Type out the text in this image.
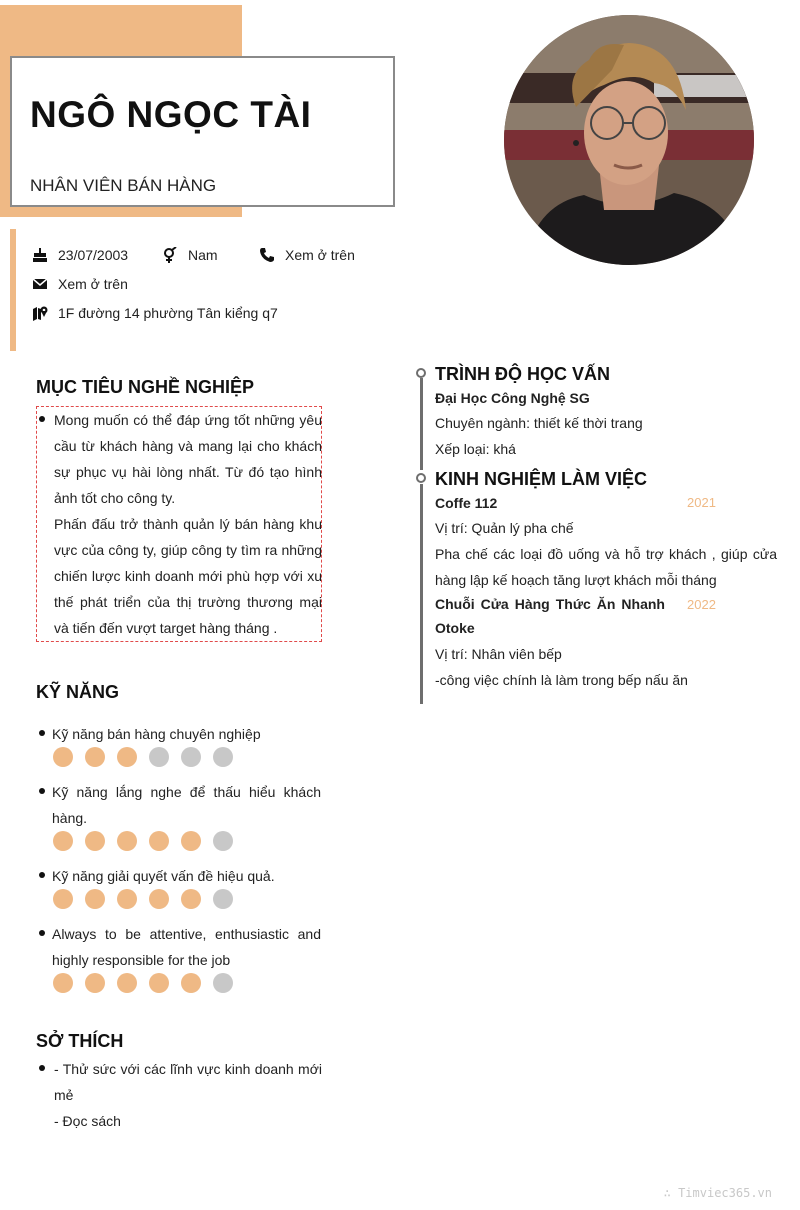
NGÔ NGỌC TÀI
NHÂN VIÊN BÁN HÀNG
23/07/2003	Nam	Xem ở trên
Xem ở trên
1F đường 14 phường Tân kiểng q7
MỤC TIÊU NGHỀ NGHIỆP
Mong muốn có thể đáp ứng tốt những yêu cầu từ khách hàng và mang lại cho khách sự phục vụ hài lòng nhất. Từ đó tạo hình ảnh tốt cho công ty.
Phấn đấu trở thành quản lý bán hàng khu vực của công ty, giúp công ty tìm ra những chiến lược kinh doanh mới phù hợp với xu thế phát triển của thị trường thương mại và tiến đến vượt target hàng tháng .
KỸ NĂNG
Kỹ năng bán hàng chuyên nghiệp
Kỹ năng lắng nghe để thấu hiểu khách hàng.
Kỹ năng giải quyết vấn đề hiệu quả.
Always to be attentive, enthusiastic and highly responsible for the job
SỞ THÍCH
- Thử sức với các lĩnh vực kinh doanh mới mẻ
- Đọc sách
TRÌNH ĐỘ HỌC VẤN
Đại Học Công Nghệ SG
Chuyên ngành: thiết kế thời trang
Xếp loại: khá
KINH NGHIỆM LÀM VIỆC
Coffe 112	2021
Vị trí: Quản lý pha chế
Pha chế các loại đồ uống và hỗ trợ khách , giúp cửa hàng lập kế hoạch tăng lượt khách mỗi tháng
Chuỗi Cửa Hàng Thức Ăn Nhanh Otoke
2022
Vị trí: Nhân viên bếp
-công việc chính là làm trong bếp nấu ăn
∴ Timviec365.vn
